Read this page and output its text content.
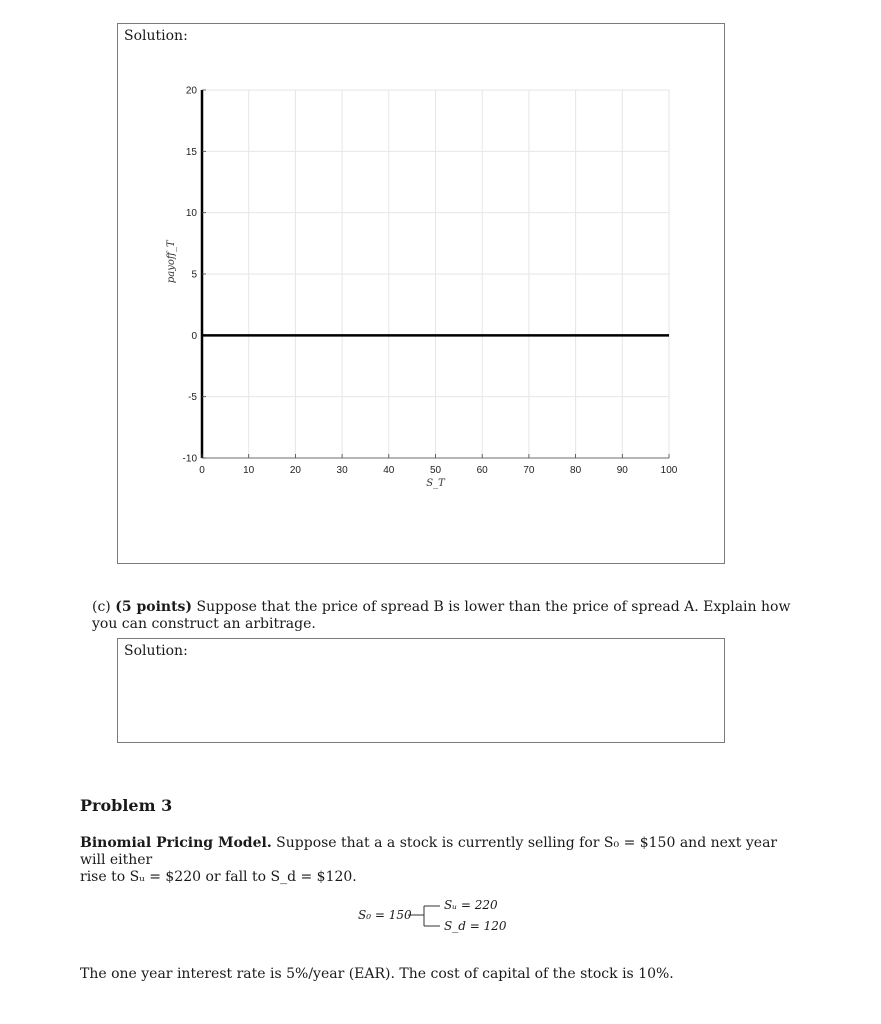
Solution:
0	10	20	30	40	50	60	70	80	90	100
-10
-5
0
5
10
15
20
S_T
payoff_T
(c) (5 points) Suppose that the price of spread B is lower than the price of spread A. Explain how you can construct an arbitrage.
Solution:
Problem 3
Binomial Pricing Model. Suppose that a a stock is currently selling for S₀ = $150 and next year will either
rise to Sᵤ = $220 or fall to S_d = $120.
S₀ = 150
Sᵤ = 220
S_d = 120
The one year interest rate is 5%/year (EAR). The cost of capital of the stock is 10%.
